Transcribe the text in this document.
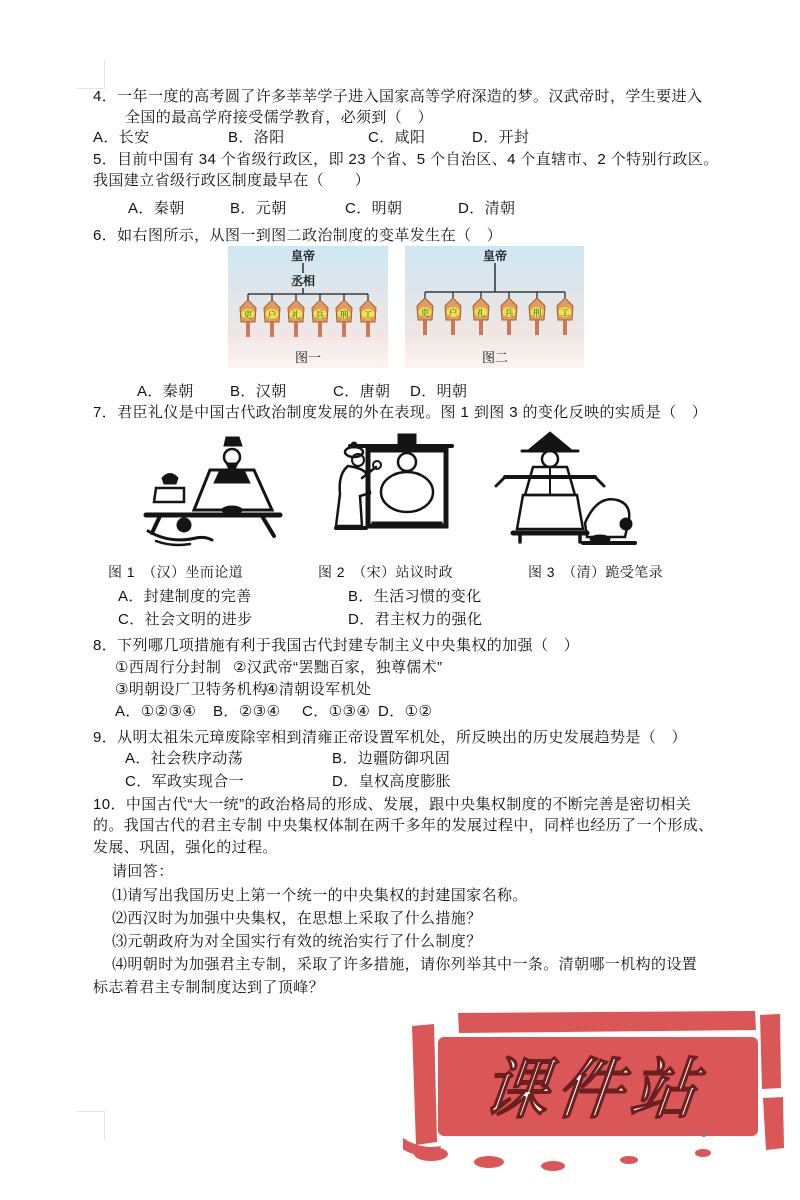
4．一年一度的高考圆了许多莘莘学子进入国家高等学府深造的梦。汉武帝时，学生要进入
全国的最高学府接受儒学教育，必须到（　）
A．长安	B．洛阳	C．咸阳	D．开封
5．目前中国有 34 个省级行政区，即 23 个省、5 个自治区、4 个直辖市、2 个特别行政区。
我国建立省级行政区制度最早在（　　）
A．秦朝	B．元朝	C．明朝	D．清朝
6．如右图所示，从图一到图二政治制度的变革发生在（　）
皇帝
丞相
吏 户 礼 兵 刑 工
图一
皇帝
吏 户 礼 兵 刑 工
图二
A．秦朝 B．汉朝	C．唐朝 D．明朝
7．君臣礼仪是中国古代政治制度发展的外在表现。图 1 到图 3 的变化反映的实质是（　）
图 1　（汉）坐而论道	图 2　（宋）站议时政	图 3　（清）跪受笔录
A．封建制度的完善	B．生活习惯的变化
C．社会文明的进步	D．君主权力的强化
8．下列哪几项措施有利于我国古代封建专制主义中央集权的加强（　）
①西周行分封制 ②汉武帝“罢黜百家，独尊儒术”
③明朝设厂卫特务机构
④清朝设军机处
A．①②③④ B．②③④ C．①③④ D．①②
9．从明太祖朱元璋废除宰相到清雍正帝设置军机处，所反映出的历史发展趋势是（　）
A．社会秩序动荡	B．边疆防御巩固
C．军政实现合一	D．皇权高度膨胀
10．中国古代“大一统”的政治格局的形成、发展，跟中央集权制度的不断完善是密切相关
的。我国古代的君主专制 中央集权体制在两千多年的发展过程中，同样也经历了一个形成、
发展、巩固，强化的过程。
请回答：
⑴请写出我国历史上第一个统一的中央集权的封建国家名称。
⑵西汉时为加强中央集权，在思想上采取了什么措施？
⑶元朝政府为对全国实行有效的统治实行了什么制度？
⑷明朝时为加强君主专制，采取了许多措施，请你列举其中一条。清朝哪一机构的设置
标志着君主专制制度达到了顶峰？
课件站
- 3 -
